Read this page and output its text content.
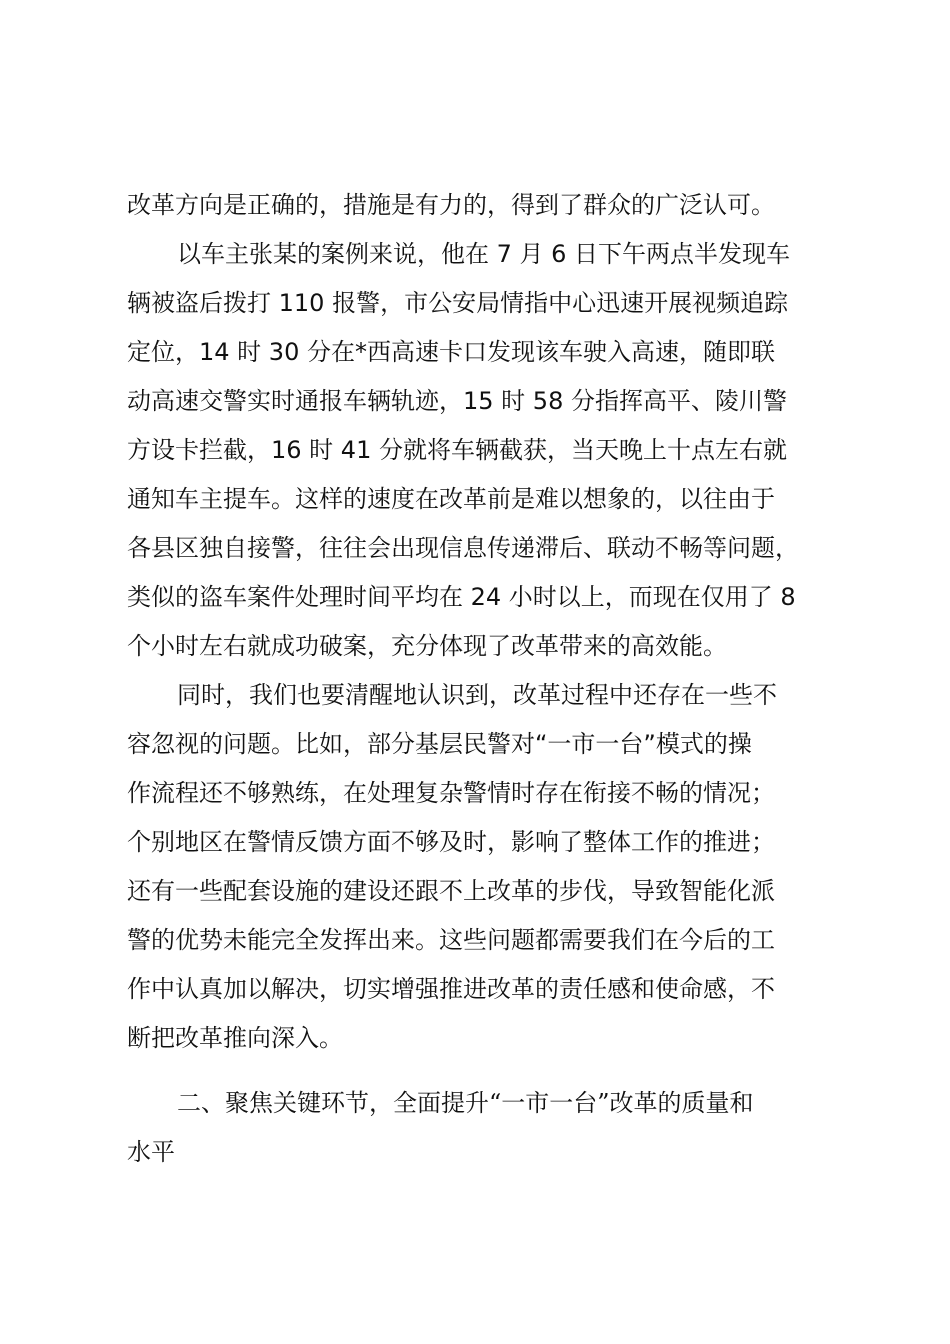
改革方向是正确的，措施是有力的，得到了群众的广泛认可。
以车主张某的案例来说，他在 7 月 6 日下午两点半发现车
辆被盗后拨打 110 报警，市公安局情指中心迅速开展视频追踪
定位，14 时 30 分在*西高速卡口发现该车驶入高速，随即联
动高速交警实时通报车辆轨迹，15 时 58 分指挥高平、陵川警
方设卡拦截，16 时 41 分就将车辆截获，当天晚上十点左右就
通知车主提车。这样的速度在改革前是难以想象的，以往由于
各县区独自接警，往往会出现信息传递滞后、联动不畅等问题，
类似的盗车案件处理时间平均在 24 小时以上，而现在仅用了 8
个小时左右就成功破案，充分体现了改革带来的高效能。
同时，我们也要清醒地认识到，改革过程中还存在一些不
容忽视的问题。比如，部分基层民警对“一市一台”模式的操
作流程还不够熟练，在处理复杂警情时存在衔接不畅的情况；
个别地区在警情反馈方面不够及时，影响了整体工作的推进；
还有一些配套设施的建设还跟不上改革的步伐，导致智能化派
警的优势未能完全发挥出来。这些问题都需要我们在今后的工
作中认真加以解决，切实增强推进改革的责任感和使命感，不
断把改革推向深入。
二、聚焦关键环节，全面提升“一市一台”改革的质量和
水平
